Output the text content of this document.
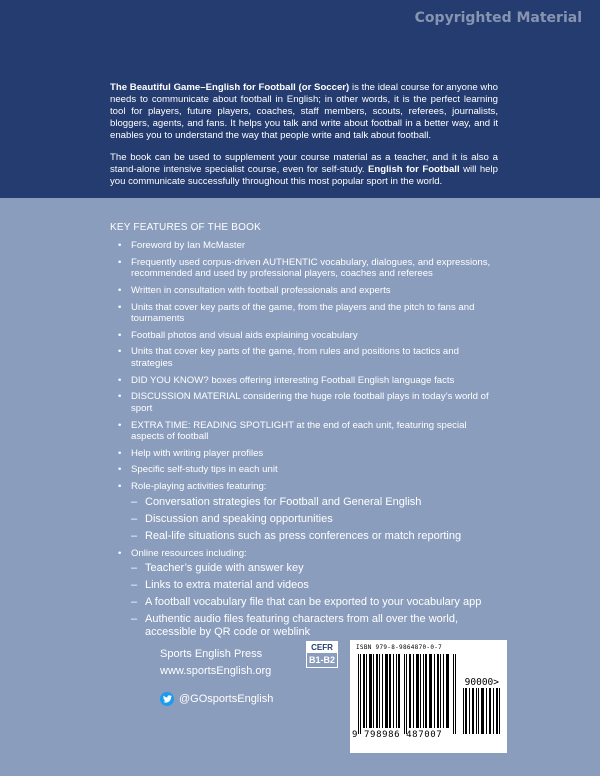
Copyrighted Material

The Beautiful Game–English for Football (or Soccer) is the ideal course for anyone who needs to communicate about football in English; in other words, it is the perfect learning tool for players, future players, coaches, staff members, scouts, referees, journalists, bloggers, agents, and fans. It helps you talk and write about football in a better way, and it enables you to understand the way that people write and talk about football.

The book can be used to supplement your course material as a teacher, and it is also a stand-alone intensive specialist course, even for self-study. English for Football will help you communicate successfully throughout this most popular sport in the world.

KEY FEATURES OF THE BOOK
• Foreword by Ian McMaster
• Frequently used corpus-driven AUTHENTIC vocabulary, dialogues, and expressions, recommended and used by professional players, coaches and referees
• Written in consultation with football professionals and experts
• Units that cover key parts of the game, from the players and the pitch to fans and tournaments
• Football photos and visual aids explaining vocabulary
• Units that cover key parts of the game, from rules and positions to tactics and strategies
• DID YOU KNOW? boxes offering interesting Football English language facts
• DISCUSSION MATERIAL considering the huge role football plays in today’s world of sport
• EXTRA TIME: READING SPOTLIGHT at the end of each unit, featuring special aspects of football
• Help with writing player profiles
• Specific self-study tips in each unit
• Role-playing activities featuring:
– Conversation strategies for Football and General English
– Discussion and speaking opportunities
– Real-life situations such as press conferences or match reporting
• Online resources including:
– Teacher’s guide with answer key
– Links to extra material and videos
– A football vocabulary file that can be exported to your vocabulary app
– Authentic audio files featuring characters from all over the world, accessible by QR code or weblink
Sports English Press
www.sportsEnglish.org
@GOsportsEnglish
CEFR
B1-B2
ISBN 979-8-9864870-0-7
90000>
9 798986 487007
